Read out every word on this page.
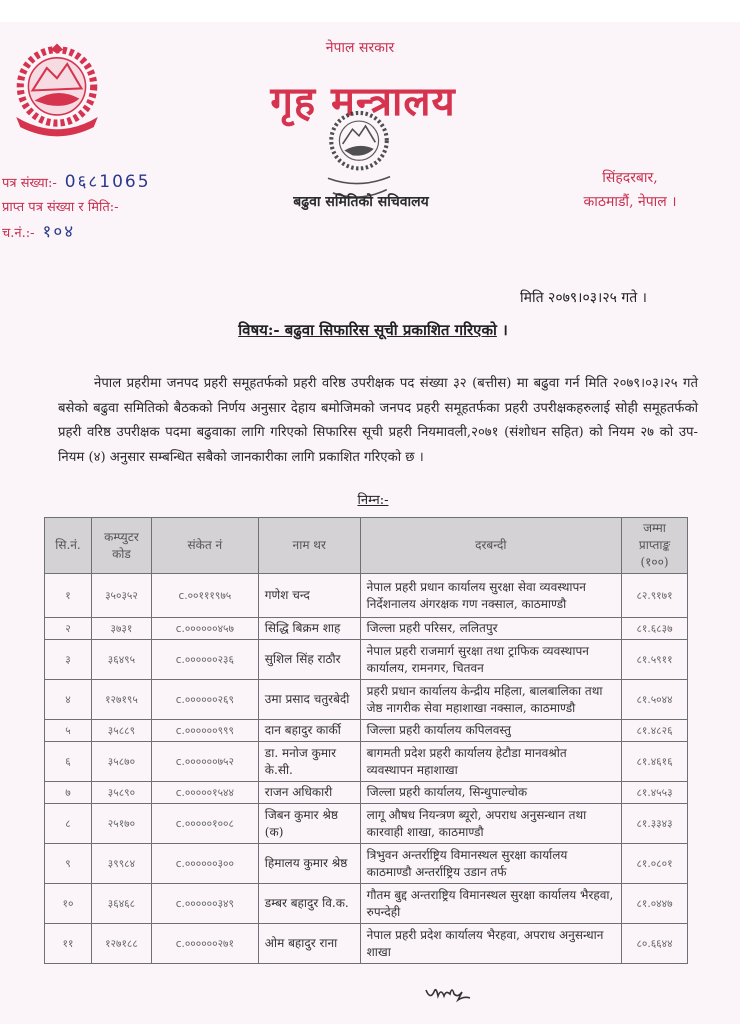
नेपाल सरकार
गृह मन्त्रालय
बढुवा समितिको सचिवालय
पत्र संख्या:- 0६८1065
प्राप्त पत्र संख्या र मिति:-
च.नं.:- १०४
सिंहदरबार,
काठमाडौं, नेपाल ।
मिति २०७९।०३।२५ गते ।
विषय:- बढुवा सिफारिस सूची प्रकाशित गरिएको ।
नेपाल प्रहरीमा जनपद प्रहरी समूहतर्फको प्रहरी वरिष्ठ उपरीक्षक पद संख्या ३२ (बत्तीस) मा बढुवा गर्न मिति २०७९।०३।२५ गते बसेको बढुवा समितिको बैठकको निर्णय अनुसार देहाय बमोजिमको जनपद प्रहरी समूहतर्फका प्रहरी उपरीक्षकहरुलाई सोही समूहतर्फको प्रहरी वरिष्ठ उपरीक्षक पदमा बढुवाका लागि गरिएको सिफारिस सूची प्रहरी नियमावली,२०७१ (संशोधन सहित) को नियम २७ को उप-नियम (४) अनुसार सम्बन्धित सबैको जानकारीका लागि प्रकाशित गरिएको छ ।
निम्न:-
सि.नं.	कम्प्युटर कोड	संकेत नं	नाम थर	दरबन्दी	जम्मा प्राप्ताङ्क (१००)
१	३५०३५२	c.००१११९७५	गणेश चन्द	नेपाल प्रहरी प्रधान कार्यालय सुरक्षा सेवा व्यवस्थापन निर्देशनालय अंगरक्षक गण नक्साल, काठमाण्डौ	८२.९१७१
२	३७३१	c.००००००४५७	सिद्धि बिक्रम शाह	जिल्ला प्रहरी परिसर, ललितपुर	८१.६८३७
३	३६४९५	c.००००००२३६	सुशिल सिंह राठौर	नेपाल प्रहरी राजमार्ग सुरक्षा तथा ट्राफिक व्यवस्थापन कार्यालय, रामनगर, चितवन	८१.५९११
४	१२७१९५	c.००००००२६९	उमा प्रसाद चतुरबेदी	प्रहरी प्रधान कार्यालय केन्द्रीय महिला, बालबालिका तथा जेष्ठ नागरीक सेवा महाशाखा नक्साल, काठमाण्डौ	८१.५०४४
५	३५८८९	c.००००००९९९	दान बहादुर कार्की	जिल्ला प्रहरी कार्यालय कपिलवस्तु	८१.४८२६
६	३५८७०	c.००००००७५२	डा. मनोज कुमार के.सी.	बागमती प्रदेश प्रहरी कार्यालय हेटौडा मानवश्रोत व्यवस्थापन महाशाखा	८१.४६१६
७	३५८९०	c.०००००१५४४	राजन अधिकारी	जिल्ला प्रहरी कार्यालय, सिन्धुपाल्चोक	८१.४५५३
८	२५१७०	c.०००००१००८	जिबन कुमार श्रेष्ठ (क)	लागू औषध नियन्त्रण ब्यूरो, अपराध अनुसन्धान तथा कारवाही शाखा, काठमाण्डौ	८१.३३४३
९	३९९८४	c.००००००३००	हिमालय कुमार श्रेष्ठ	त्रिभुवन अन्तर्राष्ट्रिय विमानस्थल सुरक्षा कार्यालय काठमाण्डौ अन्तर्राष्ट्रिय उडान तर्फ	८१.०८०१
१०	३६४६८	c.००००००३४९	डम्बर बहादुर वि.क.	गौतम बुद्द अन्तराष्ट्रिय विमानस्थल सुरक्षा कार्यालय भैरहवा, रुपन्देही	८१.०४४७
११	१२७१८८	c.००००००२७१	ओम बहादुर राना	नेपाल प्रहरी प्रदेश कार्यालय भैरहवा, अपराध अनुसन्धान शाखा	८०.६६४४
